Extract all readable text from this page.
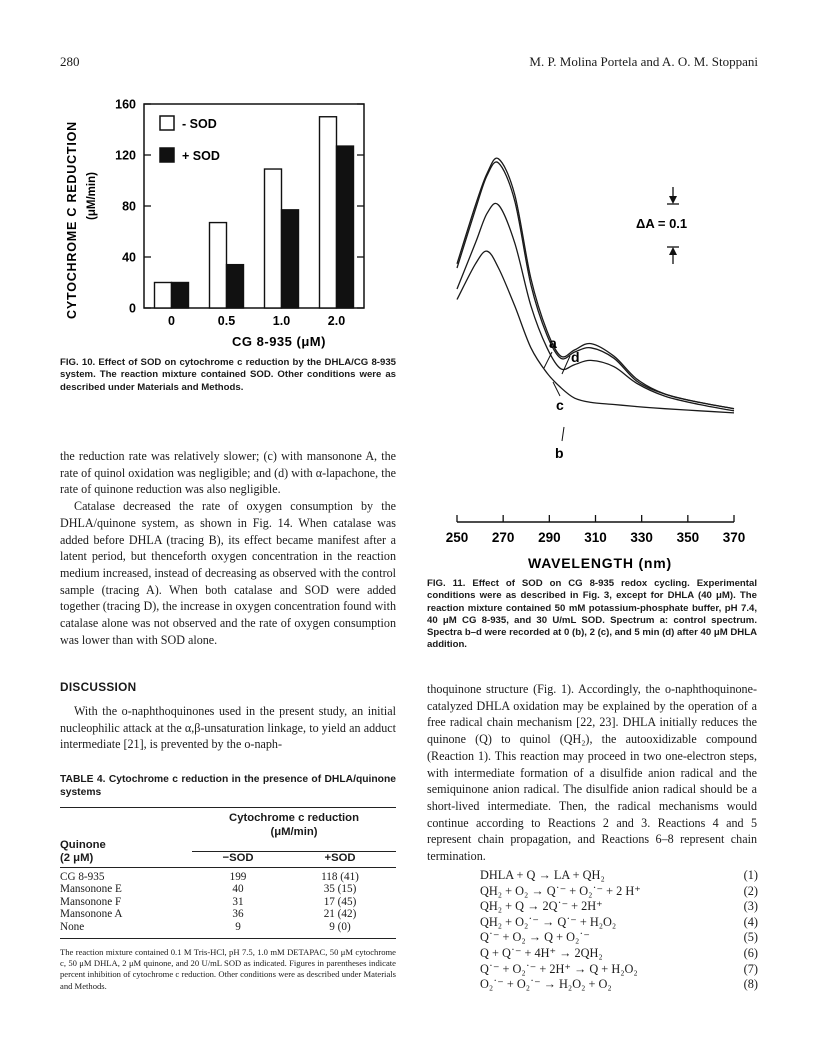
280	M. P. Molina Portela and A. O. M. Stoppani
0
40
80
120
160
0	0.5	1.0	2.0
- SOD
+ SOD
CYTOCHROME C REDUCTION (μM/min)
CG 8-935 (μM)

FIG. 10. Effect of SOD on cytochrome c reduction by the DHLA/CG 8-935 system. The reaction mixture contained SOD. Other conditions were as described under Materials and Methods.

250 270 290 310 330 350 370
ΔA = 0.1
a
d
c
b
WAVELENGTH (nm)

FIG. 11. Effect of SOD on CG 8-935 redox cycling. Experimental conditions were as described in Fig. 3, except for DHLA (40 μM). The reaction mixture contained 50 mM potassium-phosphate buffer, pH 7.4, 40 μM CG 8-935, and 30 U/mL SOD. Spectrum a: control spectrum. Spectra b–d were recorded at 0 (b), 2 (c), and 5 min (d) after 40 μM DHLA addition.

the reduction rate was relatively slower; (c) with mansonone A, the rate of quinol oxidation was negligible; and (d) with α-lapachone, the rate of quinone reduction was also negligible.

Catalase decreased the rate of oxygen consumption by the DHLA/quinone system, as shown in Fig. 14. When catalase was added before DHLA (tracing B), its effect became manifest after a latent period, but thenceforth oxygen concentration in the reaction medium increased, instead of decreasing as observed with the control sample (tracing A). When both catalase and SOD were added together (tracing D), the increase in oxygen concentration found with catalase alone was not observed and the rate of oxygen consumption was lower than with SOD alone.

DISCUSSION

With the o-naphthoquinones used in the present study, an initial nucleophilic attack at the α,β-unsaturation linkage, to yield an adduct intermediate [21], is prevented by the o-naph-

TABLE 4. Cytochrome c reduction in the presence of DHLA/quinone systems

	Cytochrome c reduction
(μM/min)	

Quinone		
(2 μM)	−SOD	+SOD
CG 8-935	199	118 (41)
Mansonone E	40	35 (15)
Mansonone F	31	17 (45)
Mansonone A	36	21 (42)
None	9	9 (0)

The reaction mixture contained 0.1 M Tris-HCl, pH 7.5, 1.0 mM DETAPAC, 50 μM cytochrome c, 50 μM DHLA, 2 μM quinone, and 20 U/mL SOD as indicated. Figures in parentheses indicate percent inhibition of cytochrome c reduction. Other conditions were as described under Materials and Methods.

thoquinone structure (Fig. 1). Accordingly, the o-naphthoquinone-catalyzed DHLA oxidation may be explained by the operation of a free radical chain mechanism [22, 23]. DHLA initially reduces the quinone (Q) to quinol (QH₂), the autooxidizable compound (Reaction 1). This reaction may proceed in two one-electron steps, with intermediate formation of a disulfide anion radical and the semiquinone anion radical. The disulfide anion radical should be a short-lived intermediate. Then, the radical mechanisms would continue according to Reactions 2 and 3. Reactions 4 and 5 represent chain propagation, and Reactions 6–8 represent chain termination.

DHLA + Q → LA + QH₂	(1)
QH₂ + O₂ → Q˙⁻ + O₂˙⁻ + 2 H⁺	(2)
QH₂ + Q → 2Q˙⁻ + 2H⁺	(3)
QH₂ + O₂˙⁻ → Q˙⁻ + H₂O₂	(4)
Q˙⁻ + O₂ → Q + O₂˙⁻	(5)
Q + Q˙⁻ + 4H⁺ → 2QH₂	(6)
Q˙⁻ + O₂˙⁻ + 2H⁺ → Q + H₂O₂	(7)
O₂˙⁻ + O₂˙⁻ → H₂O₂ + O₂	(8)
